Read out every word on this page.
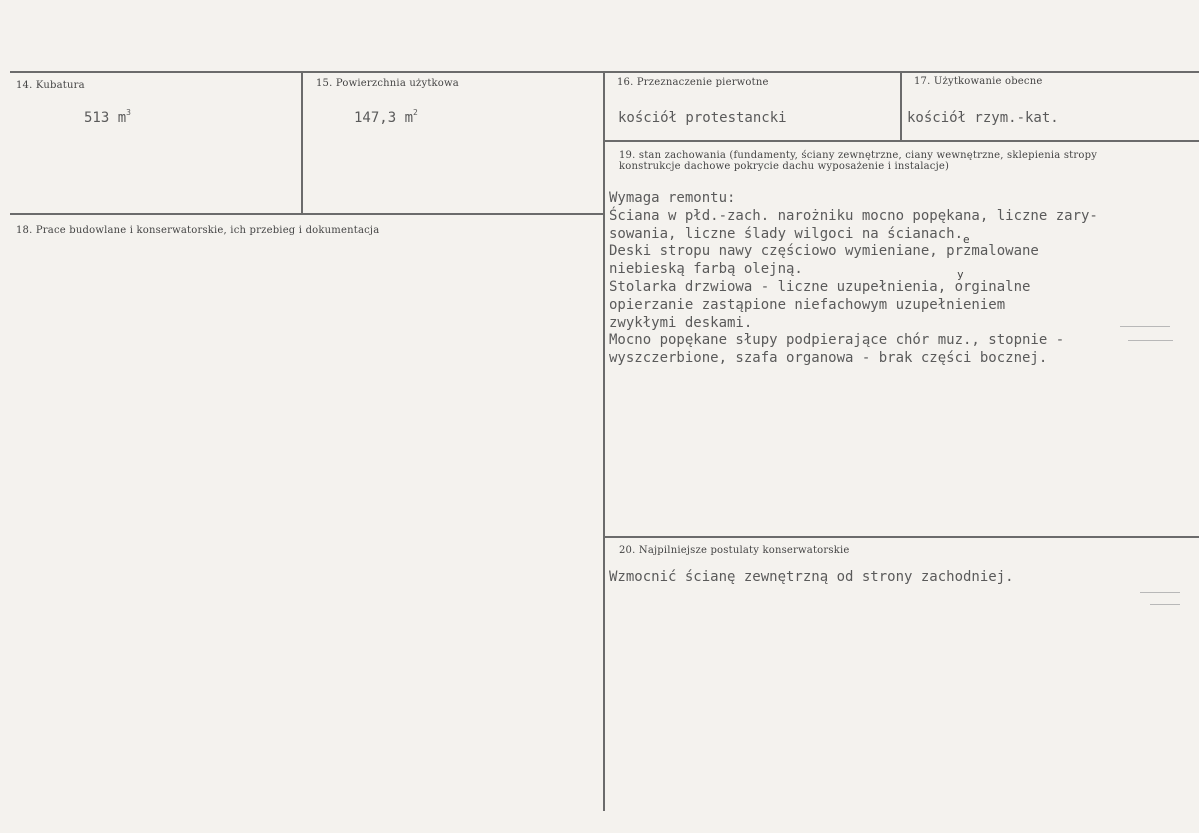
14. Kubatura
513 $m^3$
15. Powierzchnia użytkowa
147,3 $m^2$
16. Przeznaczenie pierwotne
kościół protestancki
17. Użytkowanie obecne
kościół rzym.-kat.
18. Prace budowlane i konserwatorskie, ich przebieg i dokumentacja
19. stan zachowania (fundamenty, ściany zewnętrzne, ciany wewnętrzne, sklepienia stropy konstrukcje dachowe pokrycie dachu wyposażenie i instalacje)
Wymaga remontu:
Ściana w płd.-zach. narożniku mocno popękana, liczne zary-
sowania, liczne ślady wilgoci na ścianach.
Deski stropu nawy częściowo wymieniane, przmalowane
niebieską farbą olejną.
Stolarka drzwiowa - liczne uzupełnienia, orginalne
opierzanie zastąpione niefachowym uzupełnieniem
zwykłymi deskami.
Mocno popękane słupy podpierające chór muz., stopnie -
wyszczerbione, szafa organowa - brak części bocznej.
e
y
20. Najpilniejsze postulaty konserwatorskie
Wzmocnić ścianę zewnętrzną od strony zachodniej.
